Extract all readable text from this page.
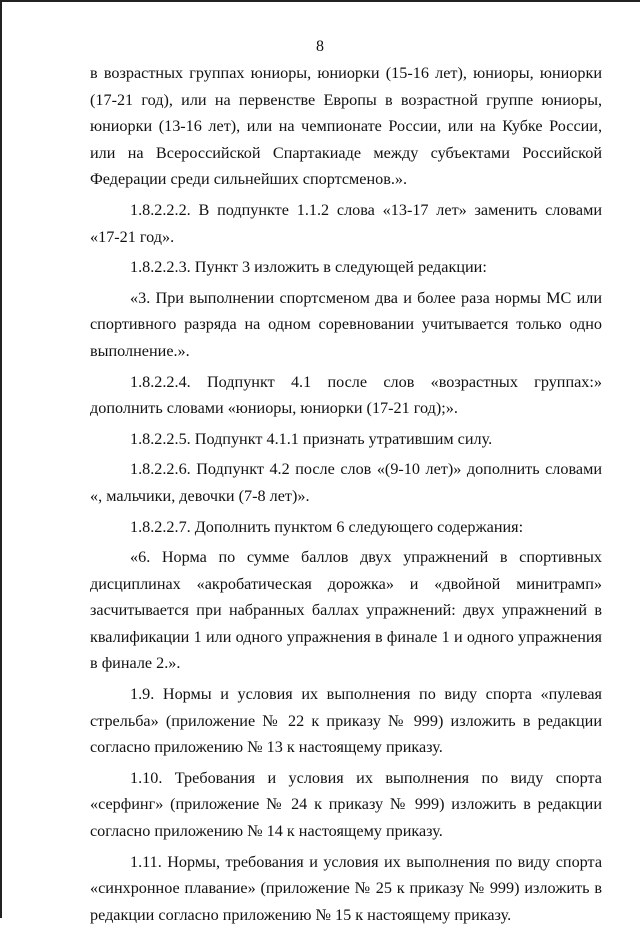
8

в возрастных группах юниоры, юниорки (15-16 лет), юниоры, юниорки (17-21 год), или на первенстве Европы в возрастной группе юниоры, юниорки (13-16 лет), или на чемпионате России, или на Кубке России, или на Всероссийской Спартакиаде между субъектами Российской Федерации среди сильнейших спортсменов.».

1.8.2.2.2. В подпункте 1.1.2 слова «13-17 лет» заменить словами «17-21 год».

1.8.2.2.3. Пункт 3 изложить в следующей редакции:

«3. При выполнении спортсменом два и более раза нормы МС или спортивного разряда на одном соревновании учитывается только одно выполнение.».

1.8.2.2.4. Подпункт 4.1 после слов «возрастных группах:» дополнить словами «юниоры, юниорки (17-21 год);».

1.8.2.2.5. Подпункт 4.1.1 признать утратившим силу.

1.8.2.2.6. Подпункт 4.2 после слов «(9-10 лет)» дополнить словами «, мальчики, девочки (7-8 лет)».

1.8.2.2.7. Дополнить пунктом 6 следующего содержания:

«6. Норма по сумме баллов двух упражнений в спортивных дисциплинах «акробатическая дорожка» и «двойной минитрамп» засчитывается при набранных баллах упражнений: двух упражнений в квалификации 1 или одного упражнения в финале 1 и одного упражнения в финале 2.».

1.9. Нормы и условия их выполнения по виду спорта «пулевая стрельба» (приложение № 22 к приказу № 999) изложить в редакции согласно приложению № 13 к настоящему приказу.

1.10. Требования и условия их выполнения по виду спорта «серфинг» (приложение № 24 к приказу № 999) изложить в редакции согласно приложению № 14 к настоящему приказу.

1.11. Нормы, требования и условия их выполнения по виду спорта «синхронное плавание» (приложение № 25 к приказу № 999) изложить в редакции согласно приложению № 15 к настоящему приказу.
